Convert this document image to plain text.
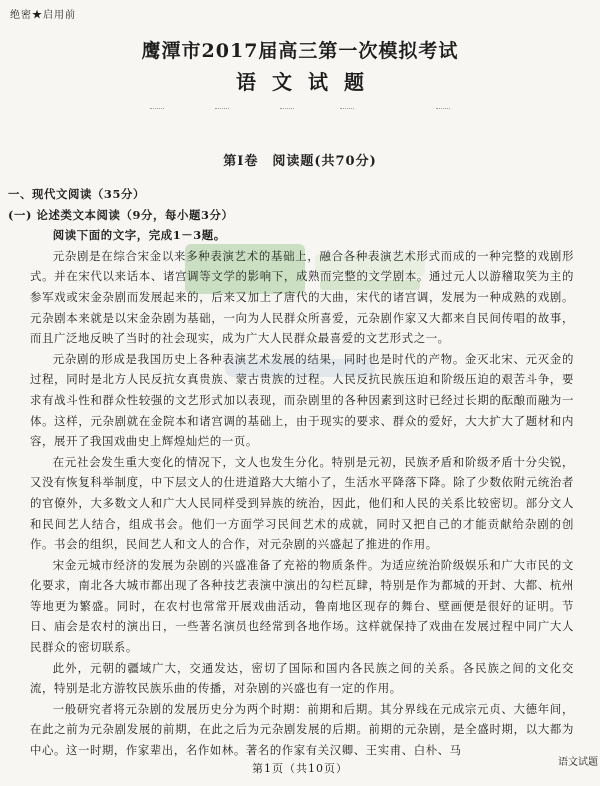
绝密★启用前
鹰潭市2017届高三第一次模拟考试
语文试题
第Ⅰ卷　阅读题(共70分)

一、现代文阅读（35分）

(一) 论述类文本阅读（9分，每小题3分）

阅读下面的文字，完成1－3题。

元杂剧是在综合宋金以来多种表演艺术的基础上，融合各种表演艺术形式而成的一种完整的戏剧形式。并在宋代以来话本、诸宫调等文学的影响下，成熟而完整的文学剧本。通过元人以游稽取笑为主的参军戏或宋金杂剧而发展起来的，后来又加上了唐代的大曲，宋代的诸宫调，发展为一种成熟的戏剧。元杂剧本来就是以宋金杂剧为基础，一向为人民群众所喜爱，元杂剧作家又大都来自民间传唱的故事，而且广泛地反映了当时的社会现实，成为广大人民群众最喜爱的文艺形式之一。

元杂剧的形成是我国历史上各种表演艺术发展的结果，同时也是时代的产物。金灭北宋、元灭金的过程，同时是北方人民反抗女真贵族、蒙古贵族的过程。人民反抗民族压迫和阶级压迫的艰苦斗争，要求有战斗性和群众性较强的文艺形式加以表现，而杂剧里的各种因素到这时已经过长期的酝酿而融为一体。这样，元杂剧就在金院本和诸宫调的基础上，由于现实的要求、群众的爱好，大大扩大了题材和内容，展开了我国戏曲史上辉煌灿烂的一页。

在元社会发生重大变化的情况下，文人也发生分化。特别是元初，民族矛盾和阶级矛盾十分尖锐，又没有恢复科举制度，中下层文人的仕进道路大大缩小了，生活水平降落下降。除了少数依附元统治者的官僚外，大多数文人和广大人民同样受到异族的统治，因此，他们和人民的关系比较密切。部分文人和民间艺人结合，组成书会。他们一方面学习民间艺术的成就，同时又把自己的才能贡献给杂剧的创作。书会的组织，民间艺人和文人的合作，对元杂剧的兴盛起了推进的作用。

宋金元城市经济的发展为杂剧的兴盛准备了充裕的物质条件。为适应统治阶级娱乐和广大市民的文化要求，南北各大城市都出现了各种技艺表演中演出的勾栏瓦肆，特别是作为都城的开封、大都、杭州等地更为繁盛。同时，在农村也常常开展戏曲活动，鲁南地区现存的舞台、壁画便是很好的证明。节日、庙会是农村的演出日，一些著名演员也经常到各地作场。这样就保持了戏曲在发展过程中同广大人民群众的密切联系。

此外，元朝的疆域广大，交通发达，密切了国际和国内各民族之间的关系。各民族之间的文化交流，特别是北方游牧民族乐曲的传播，对杂剧的兴盛也有一定的作用。

一般研究者将元杂剧的发展历史分为两个时期：前期和后期。其分界线在元成宗元贞、大德年间，在此之前为元杂剧发展的前期，在此之后为元杂剧发展的后期。前期的元杂剧，是全盛时期，以大都为中心。这一时期，作家辈出，名作如林。著名的作家有关汉卿、王实甫、白朴、马

第1页（共10页）	语文试题
